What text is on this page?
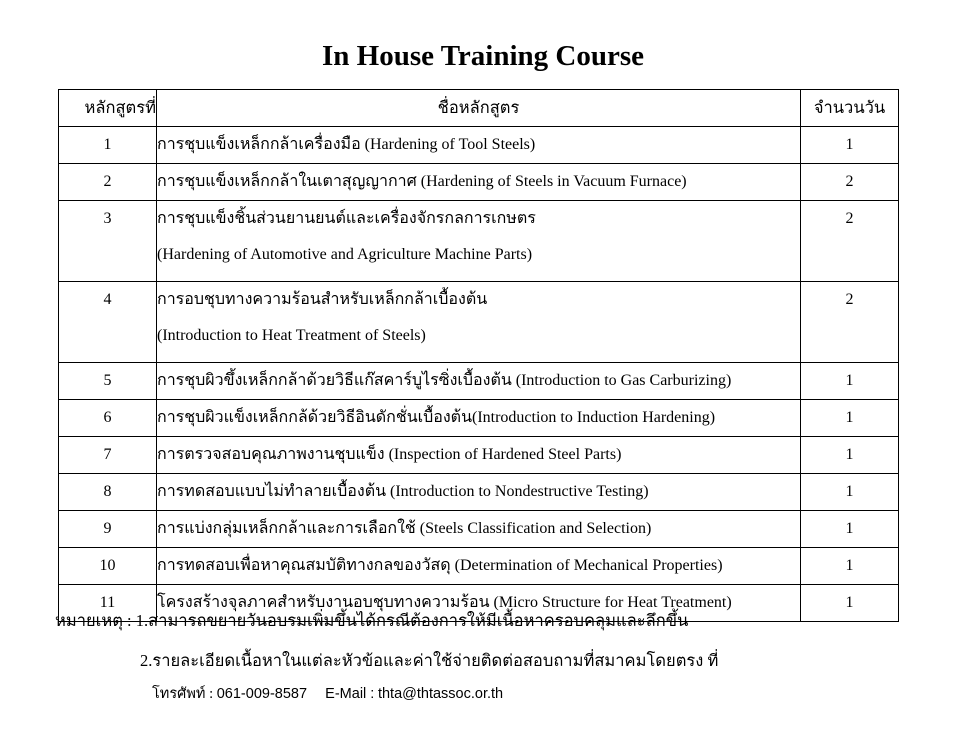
In House Training Course
หลักสูตรที่	ชื่อหลักสูตร	จำนวนวัน
1	การชุบแข็งเหล็กกล้าเครื่องมือ (Hardening of Tool Steels)	1
2	การชุบแข็งเหล็กกล้าในเตาสุญญากาศ (Hardening of Steels in Vacuum Furnace)	2
3	การชุบแข็งชิ้นส่วนยานยนต์และเครื่องจักรกลการเกษตร
(Hardening of Automotive and Agriculture Machine Parts)	2
4	การอบชุบทางความร้อนสำหรับเหล็กกล้าเบื้องต้น
(Introduction to Heat Treatment of Steels)	2
5	การชุบผิวขึ้งเหล็กกล้าด้วยวิธีแก๊สคาร์บูไรซิ่งเบื้องต้น (Introduction to Gas Carburizing)	1
6	การชุบผิวแข็งเหล็กกล้ด้วยวิธีอินดักชั่นเบื้องต้น(Introduction to Induction Hardening)	1
7	การตรวจสอบคุณภาพงานชุบแข็ง (Inspection of Hardened Steel Parts)	1
8	การทดสอบแบบไม่ทำลายเบื้องต้น (Introduction to Nondestructive Testing)	1
9	การแบ่งกลุ่มเหล็กกล้าและการเลือกใช้ (Steels Classification and Selection)	1
10	การทดสอบเพื่อหาคุณสมบัติทางกลของวัสดุ (Determination of Mechanical Properties)	1
11	โครงสร้างจุลภาคสำหรับงานอบชุบทางความร้อน (Micro Structure for Heat Treatment)	1
หมายเหตุ : 1.สามารถขยายวันอบรมเพิ่มขึ้นได้กรณีต้องการให้มีเนื้อหาครอบคลุมและลึกขึ้น
2.รายละเอียดเนื้อหาในแต่ละหัวข้อและค่าใช้จ่ายติดต่อสอบถามที่สมาคมโดยตรง ที่
โทรศัพท์ : 061-009-8587 E-Mail : thta@thtassoc.or.th
